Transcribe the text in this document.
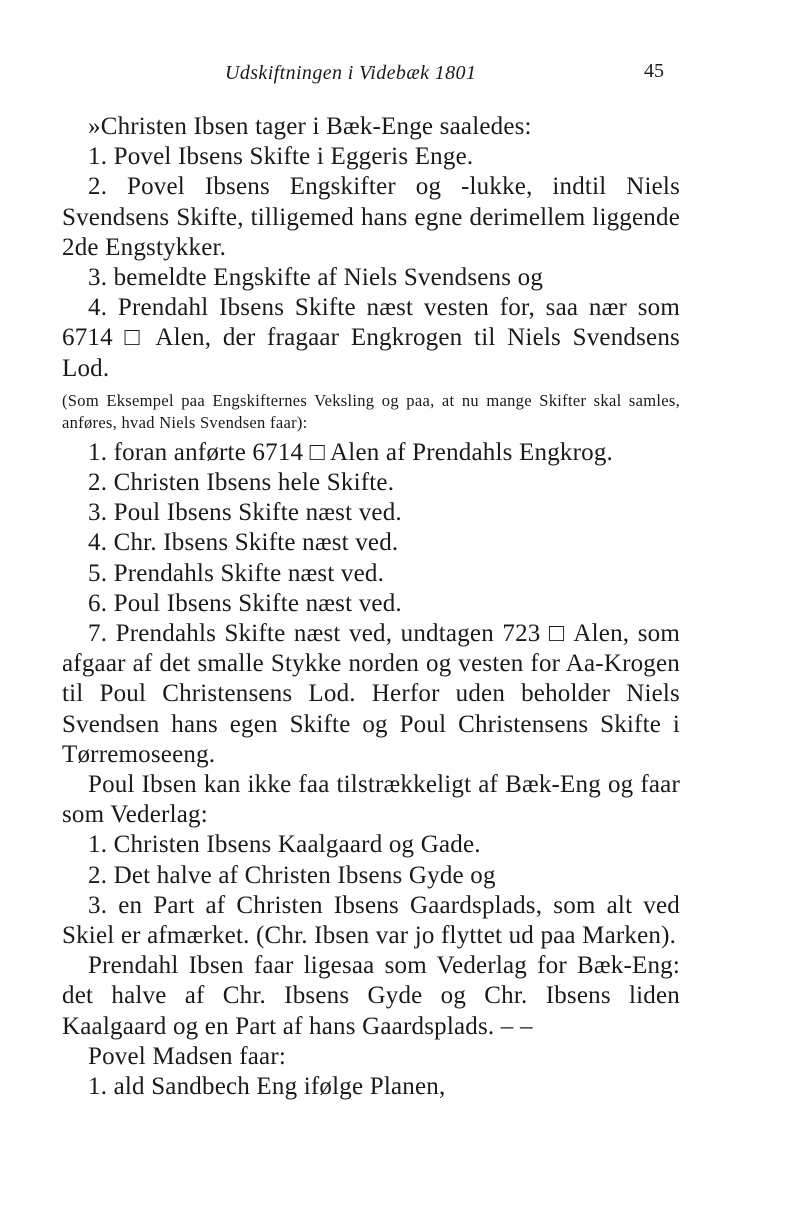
Udskiftningen i Videbæk 1801	45

»Christen Ibsen tager i Bæk-Enge saaledes:

1. Povel Ibsens Skifte i Eggeris Enge.

2. Povel Ibsens Engskifter og -lukke, indtil Niels Svendsens Skifte, tilligemed hans egne derimellem liggende 2de Engstykker.

3. bemeldte Engskifte af Niels Svendsens og

4. Prendahl Ibsens Skifte næst vesten for, saa nær som 6714 □ Alen, der fragaar Engkrogen til Niels Svendsens Lod.

(Som Eksempel paa Engskifternes Veksling og paa, at nu mange Skifter skal samles, anføres, hvad Niels Svendsen faar):

1. foran anførte 6714 □ Alen af Prendahls Engkrog.

2. Christen Ibsens hele Skifte.

3. Poul Ibsens Skifte næst ved.

4. Chr. Ibsens Skifte næst ved.

5. Prendahls Skifte næst ved.

6. Poul Ibsens Skifte næst ved.

7. Prendahls Skifte næst ved, undtagen 723 □ Alen, som afgaar af det smalle Stykke norden og vesten for Aa-Krogen til Poul Christensens Lod. Herfor uden beholder Niels Svendsen hans egen Skifte og Poul Christensens Skifte i Tørremoseeng.

Poul Ibsen kan ikke faa tilstrækkeligt af Bæk-Eng og faar som Vederlag:

1. Christen Ibsens Kaalgaard og Gade.

2. Det halve af Christen Ibsens Gyde og

3. en Part af Christen Ibsens Gaardsplads, som alt ved Skiel er afmærket. (Chr. Ibsen var jo flyttet ud paa Marken).

Prendahl Ibsen faar ligesaa som Vederlag for Bæk-Eng: det halve af Chr. Ibsens Gyde og Chr. Ibsens liden Kaalgaard og en Part af hans Gaardsplads. – –

Povel Madsen faar:

1. ald Sandbech Eng ifølge Planen,
